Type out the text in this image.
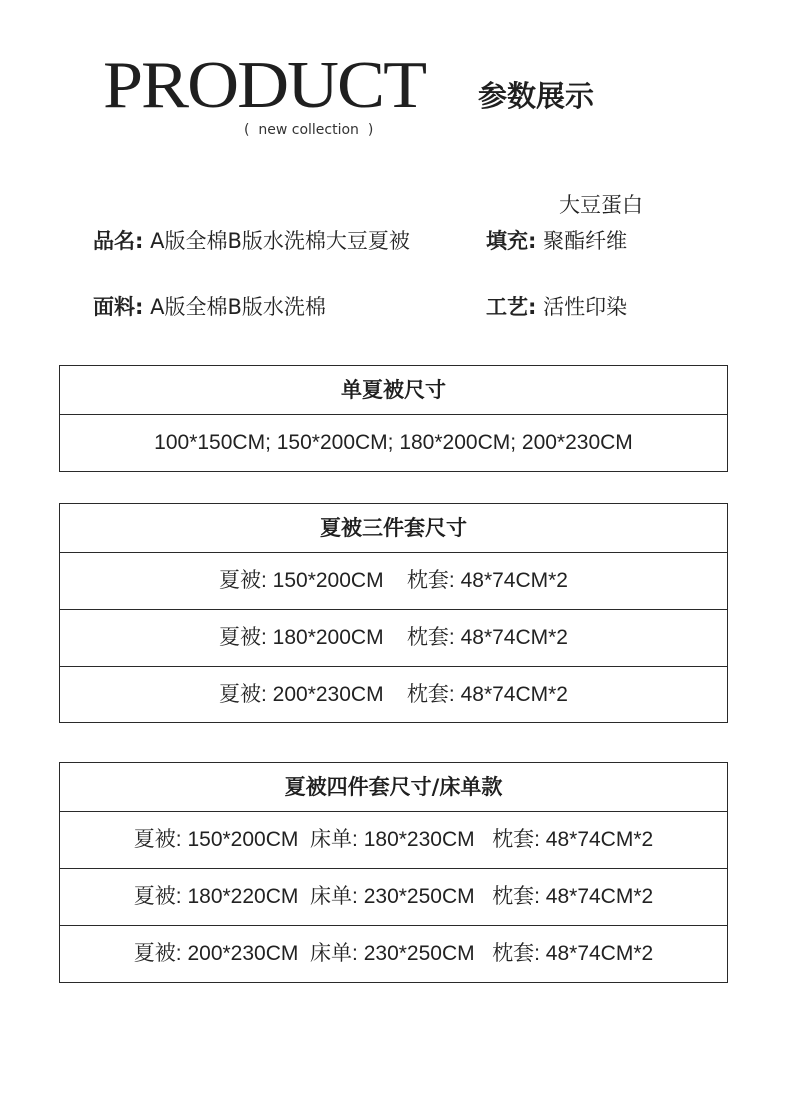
PRODUCT 参数展示
(  new collection  )
大豆蛋白
品名: A版全棉B版水洗棉大豆夏被	填充: 聚酯纤维
面料: A版全棉B版水洗棉	工艺: 活性印染
单夏被尺寸
100*150CM; 150*200CM; 180*200CM; 200*230CM
夏被三件套尺寸
夏被: 150*200CM    枕套: 48*74CM*2
夏被: 180*200CM    枕套: 48*74CM*2
夏被: 200*230CM    枕套: 48*74CM*2
夏被四件套尺寸/床单款
夏被: 150*200CM  床单: 180*230CM   枕套: 48*74CM*2
夏被: 180*220CM  床单: 230*250CM   枕套: 48*74CM*2
夏被: 200*230CM  床单: 230*250CM   枕套: 48*74CM*2
